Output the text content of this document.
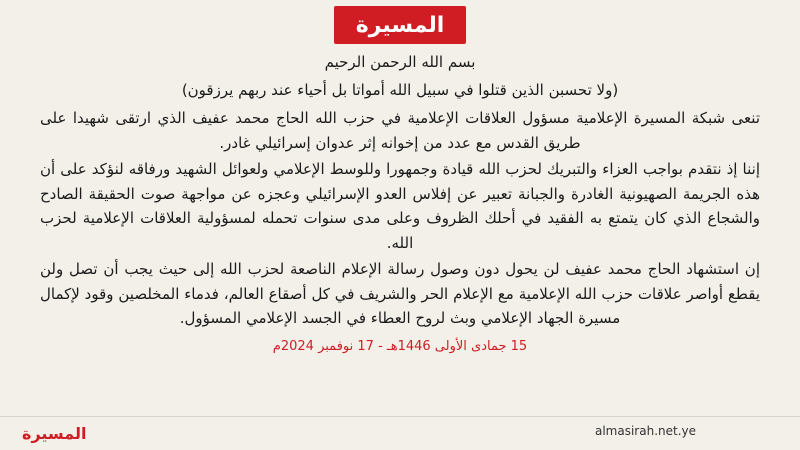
المسيرة
بسم الله الرحمن الرحيم
(ولا تحسبن الذين قتلوا في سبيل الله أمواتا بل أحياء عند ربهم يرزقون)

تنعى شبكة المسيرة الإعلامية مسؤول العلاقات الإعلامية في حزب الله الحاج محمد عفيف الذي ارتقى شهيدا على طريق القدس مع عدد من إخوانه إثر عدوان إسرائيلي غادر.

إننا إذ نتقدم بواجب العزاء والتبريك لحزب الله قيادة وجمهورا وللوسط الإعلامي ولعوائل الشهيد ورفاقه لنؤكد على أن هذه الجريمة الصهيونية الغادرة والجبانة تعبير عن إفلاس العدو الإسرائيلي وعجزه عن مواجهة صوت الحقيقة الصادح والشجاع الذي كان يتمتع به الفقيد في أحلك الظروف وعلى مدى سنوات تحمله لمسؤولية العلاقات الإعلامية لحزب الله.

إن استشهاد الحاج محمد عفيف لن يحول دون وصول رسالة الإعلام الناصعة لحزب الله إلى حيث يجب أن تصل ولن يقطع أواصر علاقات حزب الله الإعلامية مع الإعلام الحر والشريف في كل أصقاع العالم، فدماء المخلصين وقود لإكمال مسيرة الجهاد الإعلامي وبث لروح العطاء في الجسد الإعلامي المسؤول.

15 جمادى الأولى 1446هـ - 17 نوفمبر 2024م
المسيرة	almasirah.net.ye
